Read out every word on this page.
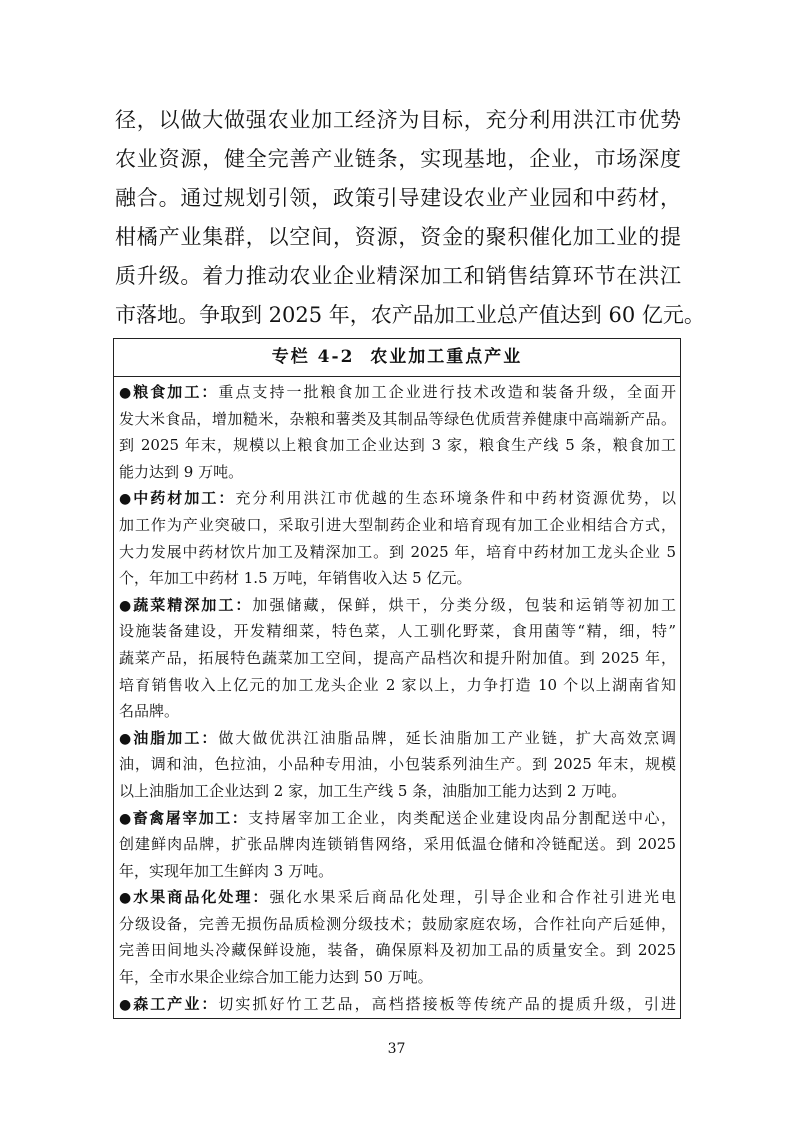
径，以做大做强农业加工经济为目标，充分利用洪江市优势
农业资源，健全完善产业链条，实现基地，企业，市场深度
融合。通过规划引领，政策引导建设农业产业园和中药材，
柑橘产业集群，以空间，资源，资金的聚积催化加工业的提
质升级。着力推动农业企业精深加工和销售结算环节在洪江
市落地。争取到 2025 年，农产品加工业总产值达到 60 亿元。
专栏 4-2  农业加工重点产业
●粮食加工：重点支持一批粮食加工企业进行技术改造和装备升级，全面开
发大米食品，增加糙米，杂粮和薯类及其制品等绿色优质营养健康中高端新产品。
到 2025 年末，规模以上粮食加工企业达到 3 家，粮食生产线 5 条，粮食加工
能力达到 9 万吨。
●中药材加工：充分利用洪江市优越的生态环境条件和中药材资源优势，以
加工作为产业突破口，采取引进大型制药企业和培育现有加工企业相结合方式，
大力发展中药材饮片加工及精深加工。到 2025 年，培育中药材加工龙头企业 5
个，年加工中药材 1.5 万吨，年销售收入达 5 亿元。
●蔬菜精深加工：加强储藏，保鲜，烘干，分类分级，包装和运销等初加工
设施装备建设，开发精细菜，特色菜，人工驯化野菜，食用菌等“精，细，特”
蔬菜产品，拓展特色蔬菜加工空间，提高产品档次和提升附加值。到 2025 年，
培育销售收入上亿元的加工龙头企业 2 家以上，力争打造 10 个以上湖南省知
名品牌。
●油脂加工：做大做优洪江油脂品牌，延长油脂加工产业链，扩大高效烹调
油，调和油，色拉油，小品种专用油，小包装系列油生产。到 2025 年末，规模
以上油脂加工企业达到 2 家，加工生产线 5 条，油脂加工能力达到 2 万吨。
●畜禽屠宰加工：支持屠宰加工企业，肉类配送企业建设肉品分割配送中心，
创建鲜肉品牌，扩张品牌肉连锁销售网络，采用低温仓储和冷链配送。到 2025
年，实现年加工生鲜肉 3 万吨。
●水果商品化处理：强化水果采后商品化处理，引导企业和合作社引进光电
分级设备，完善无损伤品质检测分级技术；鼓励家庭农场，合作社向产后延伸，
完善田间地头冷藏保鲜设施，装备，确保原料及初加工品的质量安全。到 2025
年，全市水果企业综合加工能力达到 50 万吨。
●森工产业：切实抓好竹工艺品，高档搭接板等传统产品的提质升级，引进
37
